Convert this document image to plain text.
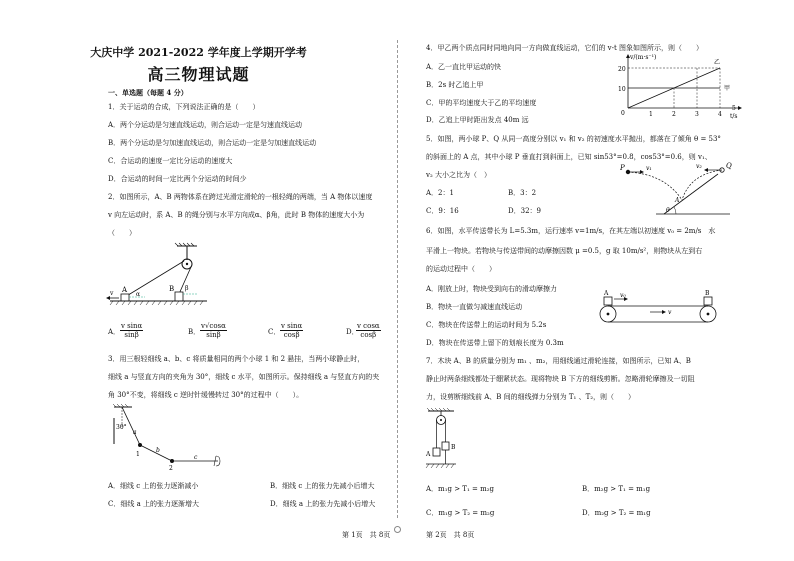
大庆中学 2021-2022 学年度上学期开学考
高三物理试题
一、单选题（每题 4 分）
1．关于运动的合成，下列说法正确的是（　　）
A．两个分运动是匀速直线运动，则合运动一定是匀速直线运动
B．两个分运动是匀加速直线运动，则合运动一定是匀加速直线运动
C．合运动的速度一定比分运动的速度大
D．合运动的时间一定比两个分运动的时间少
2．如图所示，A、B 两物体系在跨过光滑定滑轮的一根轻绳的两端，当 A 物体以速度
v 向左运动时，系 A、B 的绳分别与水平方向成α、β角，此时 B 物体的速度大小为
（　　）
A	B
α
β
v
A． $\frac{\text{v sinα}}{\sin\beta}$	B． $\frac{v√\cos\alpha}{\sin\beta}$	C． $\frac{\text{v sinα}}{\cos\beta}$	D．
$\frac{\text{v cosα}}{\cos\beta}$
3．用三根轻细线 a、b、c 将质量相同的两个小球 1 和 2 悬挂，当两小球静止时，
细线 a 与竖直方向的夹角为 30°，细线 c 水平，如图所示。保持细线 a 与竖直方向的夹
角 30°不变，将细线 c 逆时针缓慢转过 30°的过程中（　　）。
30°
a
b
c
1
2
A．细线 c 上的张力逐渐减小	B．细线 c 上的张力先减小后增大
C．细线 a 上的张力逐渐增大	D．细线 a 上的张力先减小后增大
第 1页　共 8页
4．甲乙两个质点同时同地向同一方向做直线运动，它们的 v-t 图象如图所示，则（　　）
A．乙一直比甲运动的快
B．2s 时乙追上甲
C．甲的平均速度大于乙的平均速度
D．乙追上甲时距出发点 40m 远
v/(m·s⁻¹)
t/s
20
10
0	1	2	3	4
5
乙
甲
5．如图，两小球 P、Q 从同一高度分别以 v₁ 和 v₂ 的初速度水平抛出，都落在了倾角 θ = 53°
的斜面上的 A 点，其中小球 P 垂直打到斜面上，已知 sin53°=0.8，cos53°=0.6，则 v₁、
v₂ 大小之比为（　）
A．2：1	B．3：2
C．9：16	D．32：9
P	Q
v₁	v₂
A
θ
6．如图，水平传送带长为 L=5.3m，运行速率 v=1m/s，在其左端以初速度 v₀ = 2m/s　水
平滑上一物块。若物块与传送带间的动摩擦因数 μ =0.5，g 取 10m/s²，则物块从左到右
的运动过程中（　　）
A．刚放上时，物块受到向右的滑动摩擦力
B．物块一直做匀减速直线运动
C．物块在传送带上的运动时间为 5.2s
D．物块在传送带上留下的划痕长度为 0.3m
A	B
v₀
v
7．木块 A、B 的质量分别为 m₁ 、m₂，用细线通过滑轮连接，如图所示，已知 A、B
静止时两条细线都处于绷紧状态。现将物块 B 下方的细线剪断。忽略滑轮摩擦及一切阻
力，设剪断细线前 A、B 间的细线弹力分别为 T₁ 、T₂，则（　　）
A
B
A．m₁g > T₁ = m₂g	B．m₂g > T₁ = m₁g
C．m₁g > T₂ = m₂g	D．m₂g > T₂ = m₁g
第 2页　共 8页
